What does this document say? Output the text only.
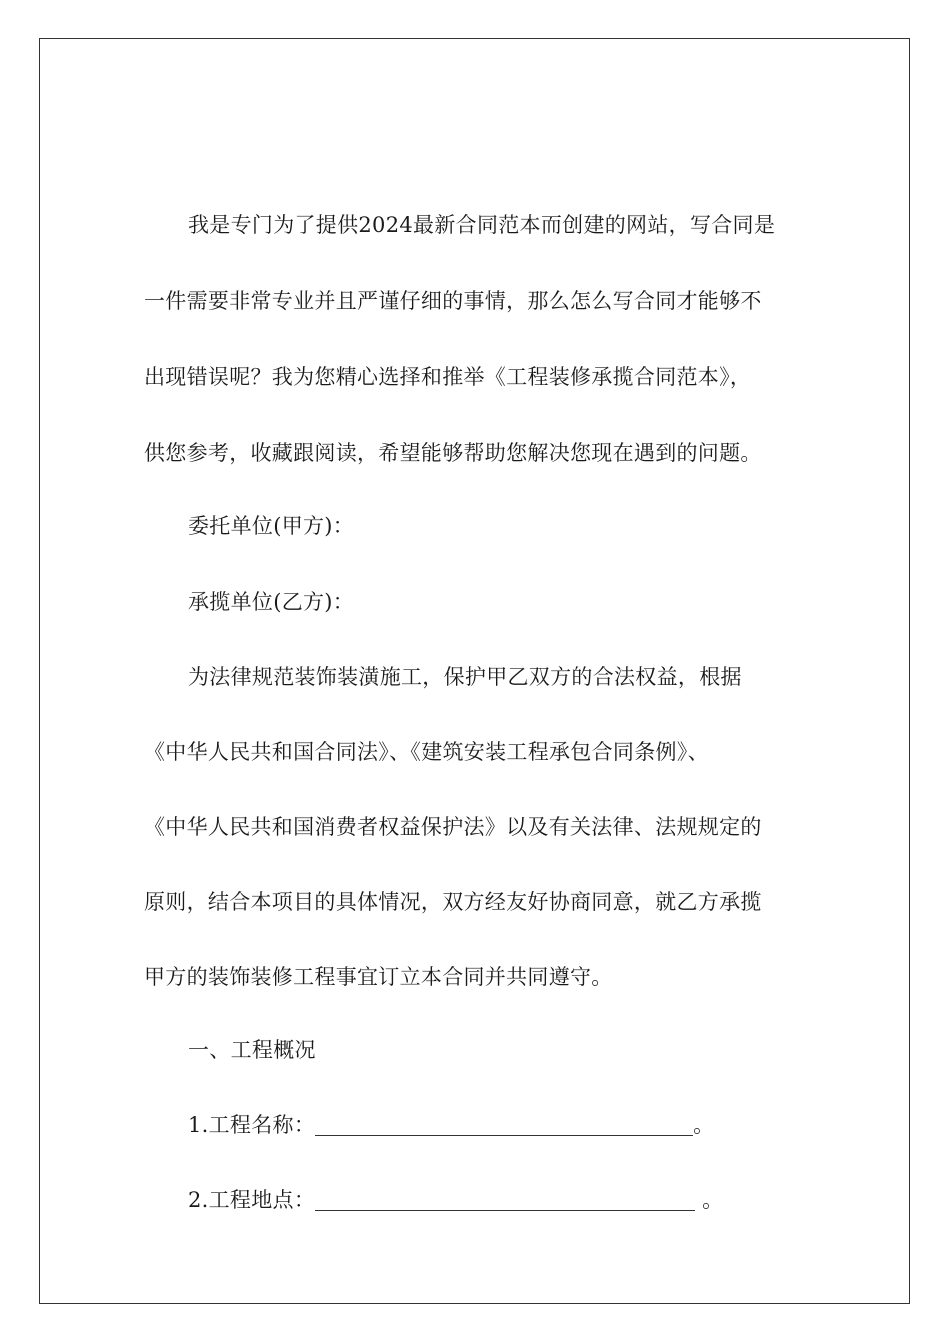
我是专门为了提供2024最新合同范本而创建的网站，写合同是
一件需要非常专业并且严谨仔细的事情，那么怎么写合同才能够不
出现错误呢？我为您精心选择和推举《工程装修承揽合同范本》，
供您参考，收藏跟阅读，希望能够帮助您解决您现在遇到的问题。
委托单位(甲方)：
承揽单位(乙方)：
为法律规范装饰装潢施工，保护甲乙双方的合法权益，根据
《中华人民共和国合同法》、《建筑安装工程承包合同条例》、
《中华人民共和国消费者权益保护法》以及有关法律、法规规定的
原则，结合本项目的具体情况，双方经友好协商同意，就乙方承揽
甲方的装饰装修工程事宜订立本合同并共同遵守。
一、工程概况
1.工程名称：	。
2.工程地点：	。
